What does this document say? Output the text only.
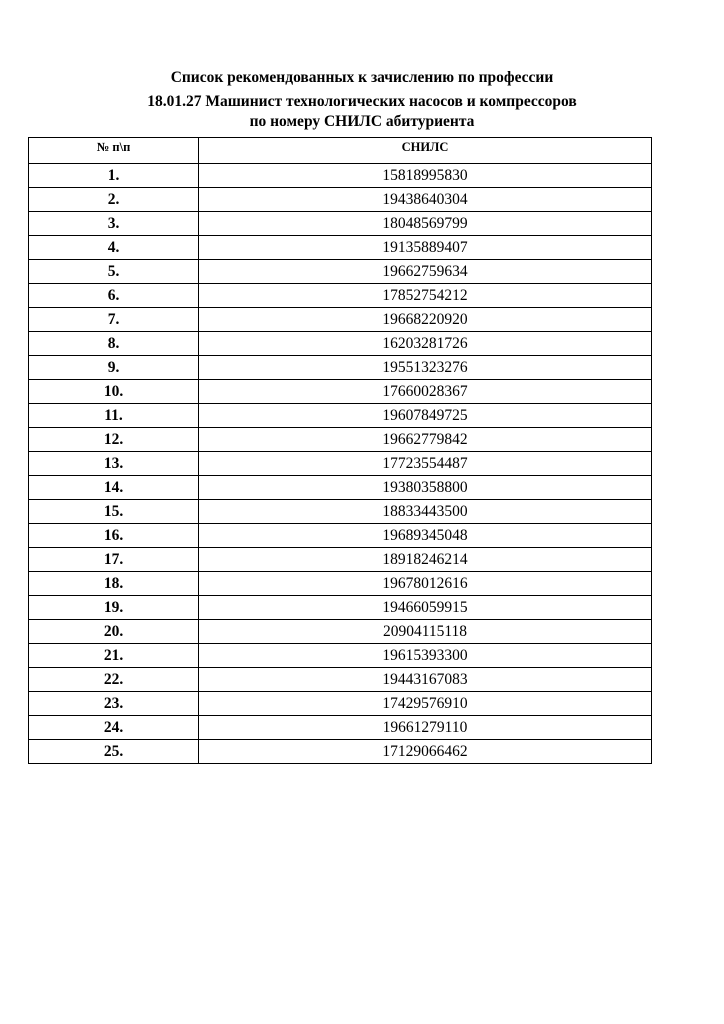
Список рекомендованных к зачислению по профессии

18.01.27 Машинист технологических насосов и компрессоров

по номеру СНИЛС абитуриента

№ п\п	СНИЛС
1.	15818995830
2.	19438640304
3.	18048569799
4.	19135889407
5.	19662759634
6.	17852754212
7.	19668220920
8.	16203281726
9.	19551323276
10.	17660028367
11.	19607849725
12.	19662779842
13.	17723554487
14.	19380358800
15.	18833443500
16.	19689345048
17.	18918246214
18.	19678012616
19.	19466059915
20.	20904115118
21.	19615393300
22.	19443167083
23.	17429576910
24.	19661279110
25.	17129066462
